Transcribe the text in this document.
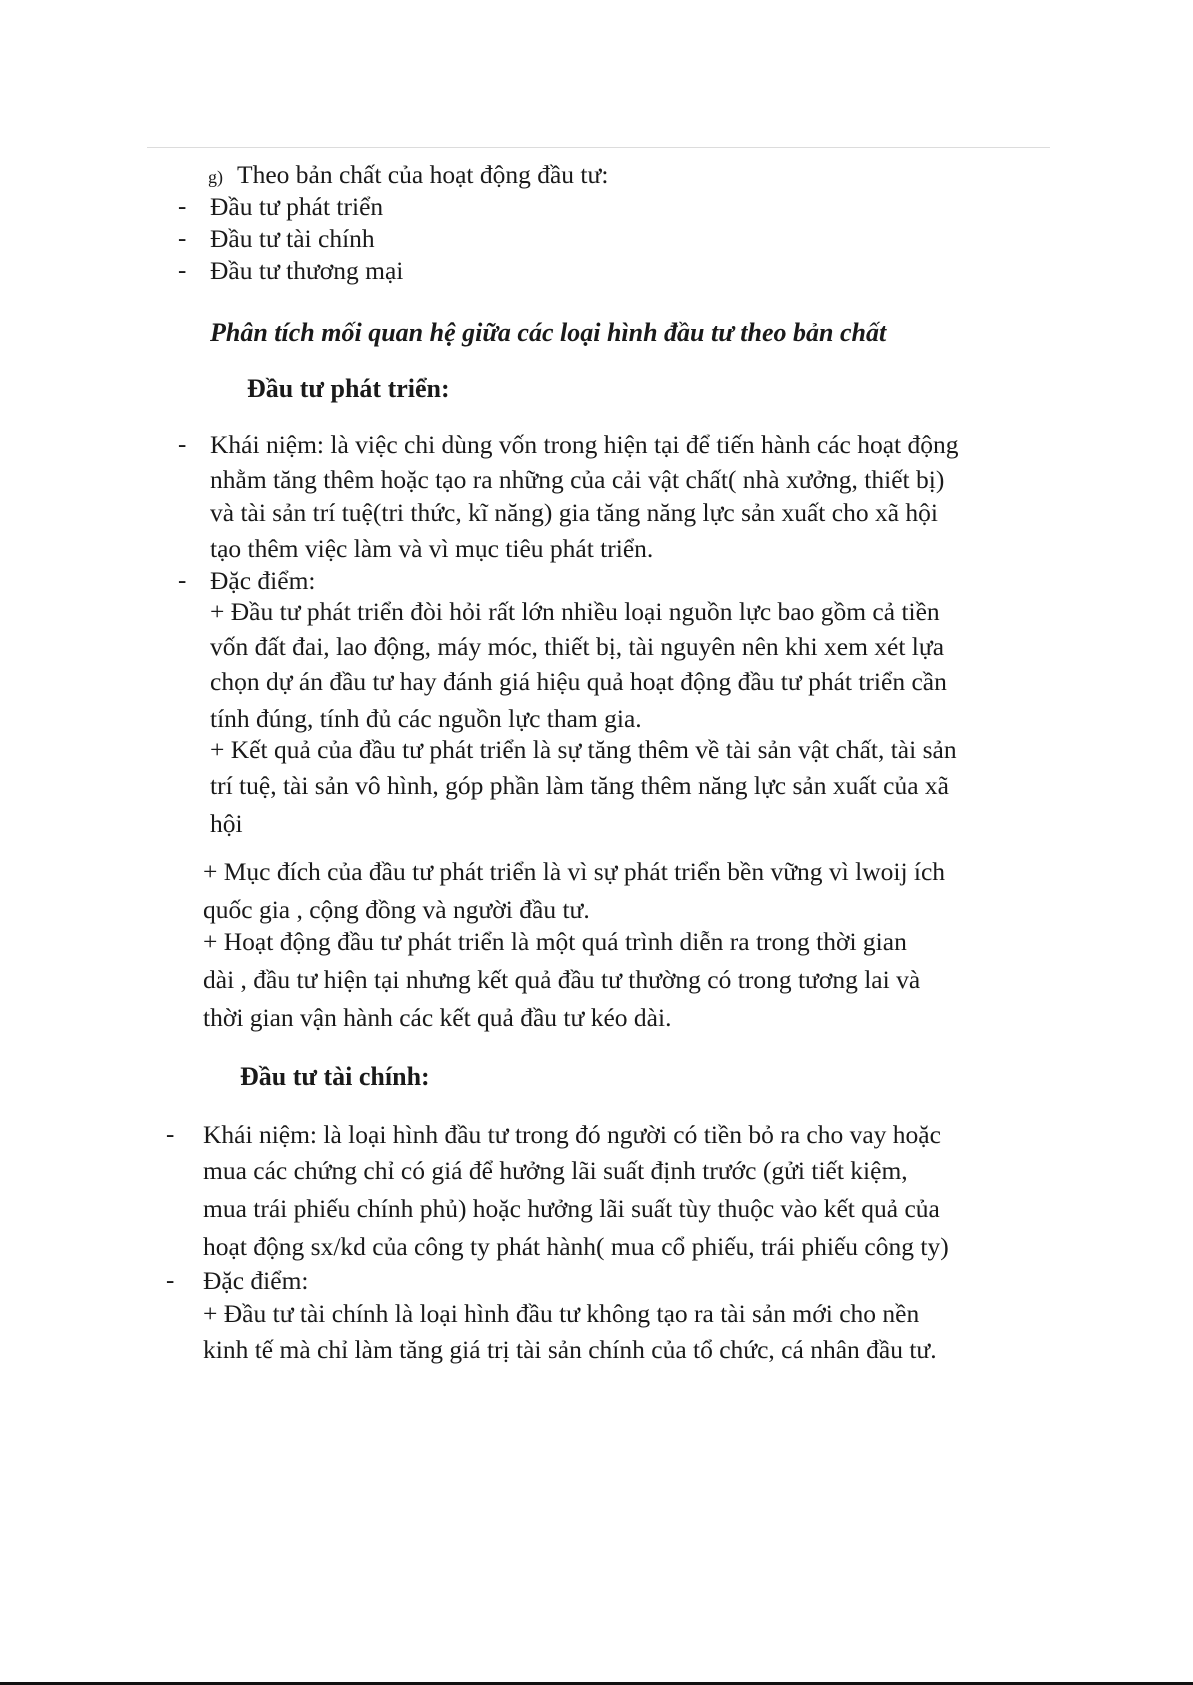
g) Theo bản chất của hoạt động đầu tư:
- Đầu tư phát triển
- Đầu tư tài chính
- Đầu tư thương mại
Phân tích mối quan hệ giữa các loại hình đầu tư theo bản chất
Đầu tư phát triển:
- Khái niệm: là việc chi dùng vốn trong hiện tại để tiến hành các hoạt động
nhằm tăng thêm hoặc tạo ra những của cải vật chất( nhà xưởng, thiết bị)
và tài sản trí tuệ(tri thức, kĩ năng) gia tăng năng lực sản xuất cho xã hội
tạo thêm việc làm và vì mục tiêu phát triển.
- Đặc điểm:
+ Đầu tư phát triển đòi hỏi rất lớn nhiều loại nguồn lực bao gồm cả tiền
vốn đất đai, lao động, máy móc, thiết bị, tài nguyên nên khi xem xét lựa
chọn dự án đầu tư hay đánh giá hiệu quả hoạt động đầu tư phát triển cần
tính đúng, tính đủ các nguồn lực tham gia.
+ Kết quả của đầu tư phát triển là sự tăng thêm về tài sản vật chất, tài sản
trí tuệ, tài sản vô hình, góp phần làm tăng thêm năng lực sản xuất của xã
hội
+ Mục đích của đầu tư phát triển là vì sự phát triển bền vững vì lwoij ích
quốc gia , cộng đồng và người đầu tư.
+ Hoạt động đầu tư phát triển là một quá trình diễn ra trong thời gian
dài , đầu tư hiện tại nhưng kết quả đầu tư thường có trong tương lai và
thời gian vận hành các kết quả đầu tư kéo dài.
Đầu tư tài chính:
- Khái niệm: là loại hình đầu tư trong đó người có tiền bỏ ra cho vay hoặc
mua các chứng chỉ có giá để hưởng lãi suất định trước (gửi tiết kiệm,
mua trái phiếu chính phủ) hoặc hưởng lãi suất tùy thuộc vào kết quả của
hoạt động sx/kd của công ty phát hành( mua cổ phiếu, trái phiếu công ty)
- Đặc điểm:
+ Đầu tư tài chính là loại hình đầu tư không tạo ra tài sản mới cho nền
kinh tế mà chỉ làm tăng giá trị tài sản chính của tổ chức, cá nhân đầu tư.
